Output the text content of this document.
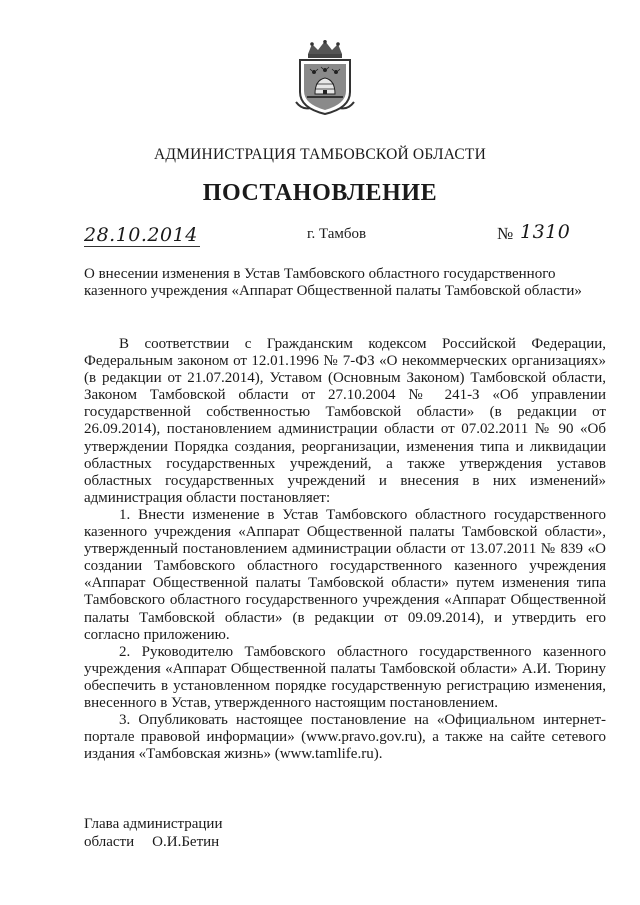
АДМИНИСТРАЦИЯ ТАМБОВСКОЙ ОБЛАСТИ
ПОСТАНОВЛЕНИЕ
28.10.2014	г. Тамбов	№ 1310
О внесении изменения в Устав Тамбовского областного государственного казенного учреждения «Аппарат Общественной палаты Тамбовской области»

В соответствии с Гражданским кодексом Российской Федерации, Федеральным законом от 12.01.1996 № 7-ФЗ «О некоммерческих организациях» (в редакции от 21.07.2014), Уставом (Основным Законом) Тамбовской области, Законом Тамбовской области от 27.10.2004 № 241-З «Об управлении государственной собственностью Тамбовской области» (в редакции от 26.09.2014), постановлением администрации области от 07.02.2011 № 90 «Об утверждении Порядка создания, реорганизации, изменения типа и ликвидации областных государственных учреждений, а также утверждения уставов областных государственных учреждений и внесения в них изменений» администрация области постановляет:

1. Внести изменение в Устав Тамбовского областного государственного казенного учреждения «Аппарат Общественной палаты Тамбовской области», утвержденный постановлением администрации области от 13.07.2011 № 839 «О создании Тамбовского областного государственного казенного учреждения «Аппарат Общественной палаты Тамбовской области» путем изменения типа Тамбовского областного государственного учреждения «Аппарат Общественной палаты Тамбовской области» (в редакции от 09.09.2014), и утвердить его согласно приложению.

2. Руководителю Тамбовского областного государственного казенного учреждения «Аппарат Общественной палаты Тамбовской области» А.И. Тюрину обеспечить в установленном порядке государственную регистрацию изменения, внесенного в Устав, утвержденного настоящим постановлением.

3. Опубликовать настоящее постановление на «Официальном интернет-портале правовой информации» (www.pravo.gov.ru), а также на сайте сетевого издания «Тамбовская жизнь» (www.tamlife.ru).

Глава администрации
области О.И.Бетин
